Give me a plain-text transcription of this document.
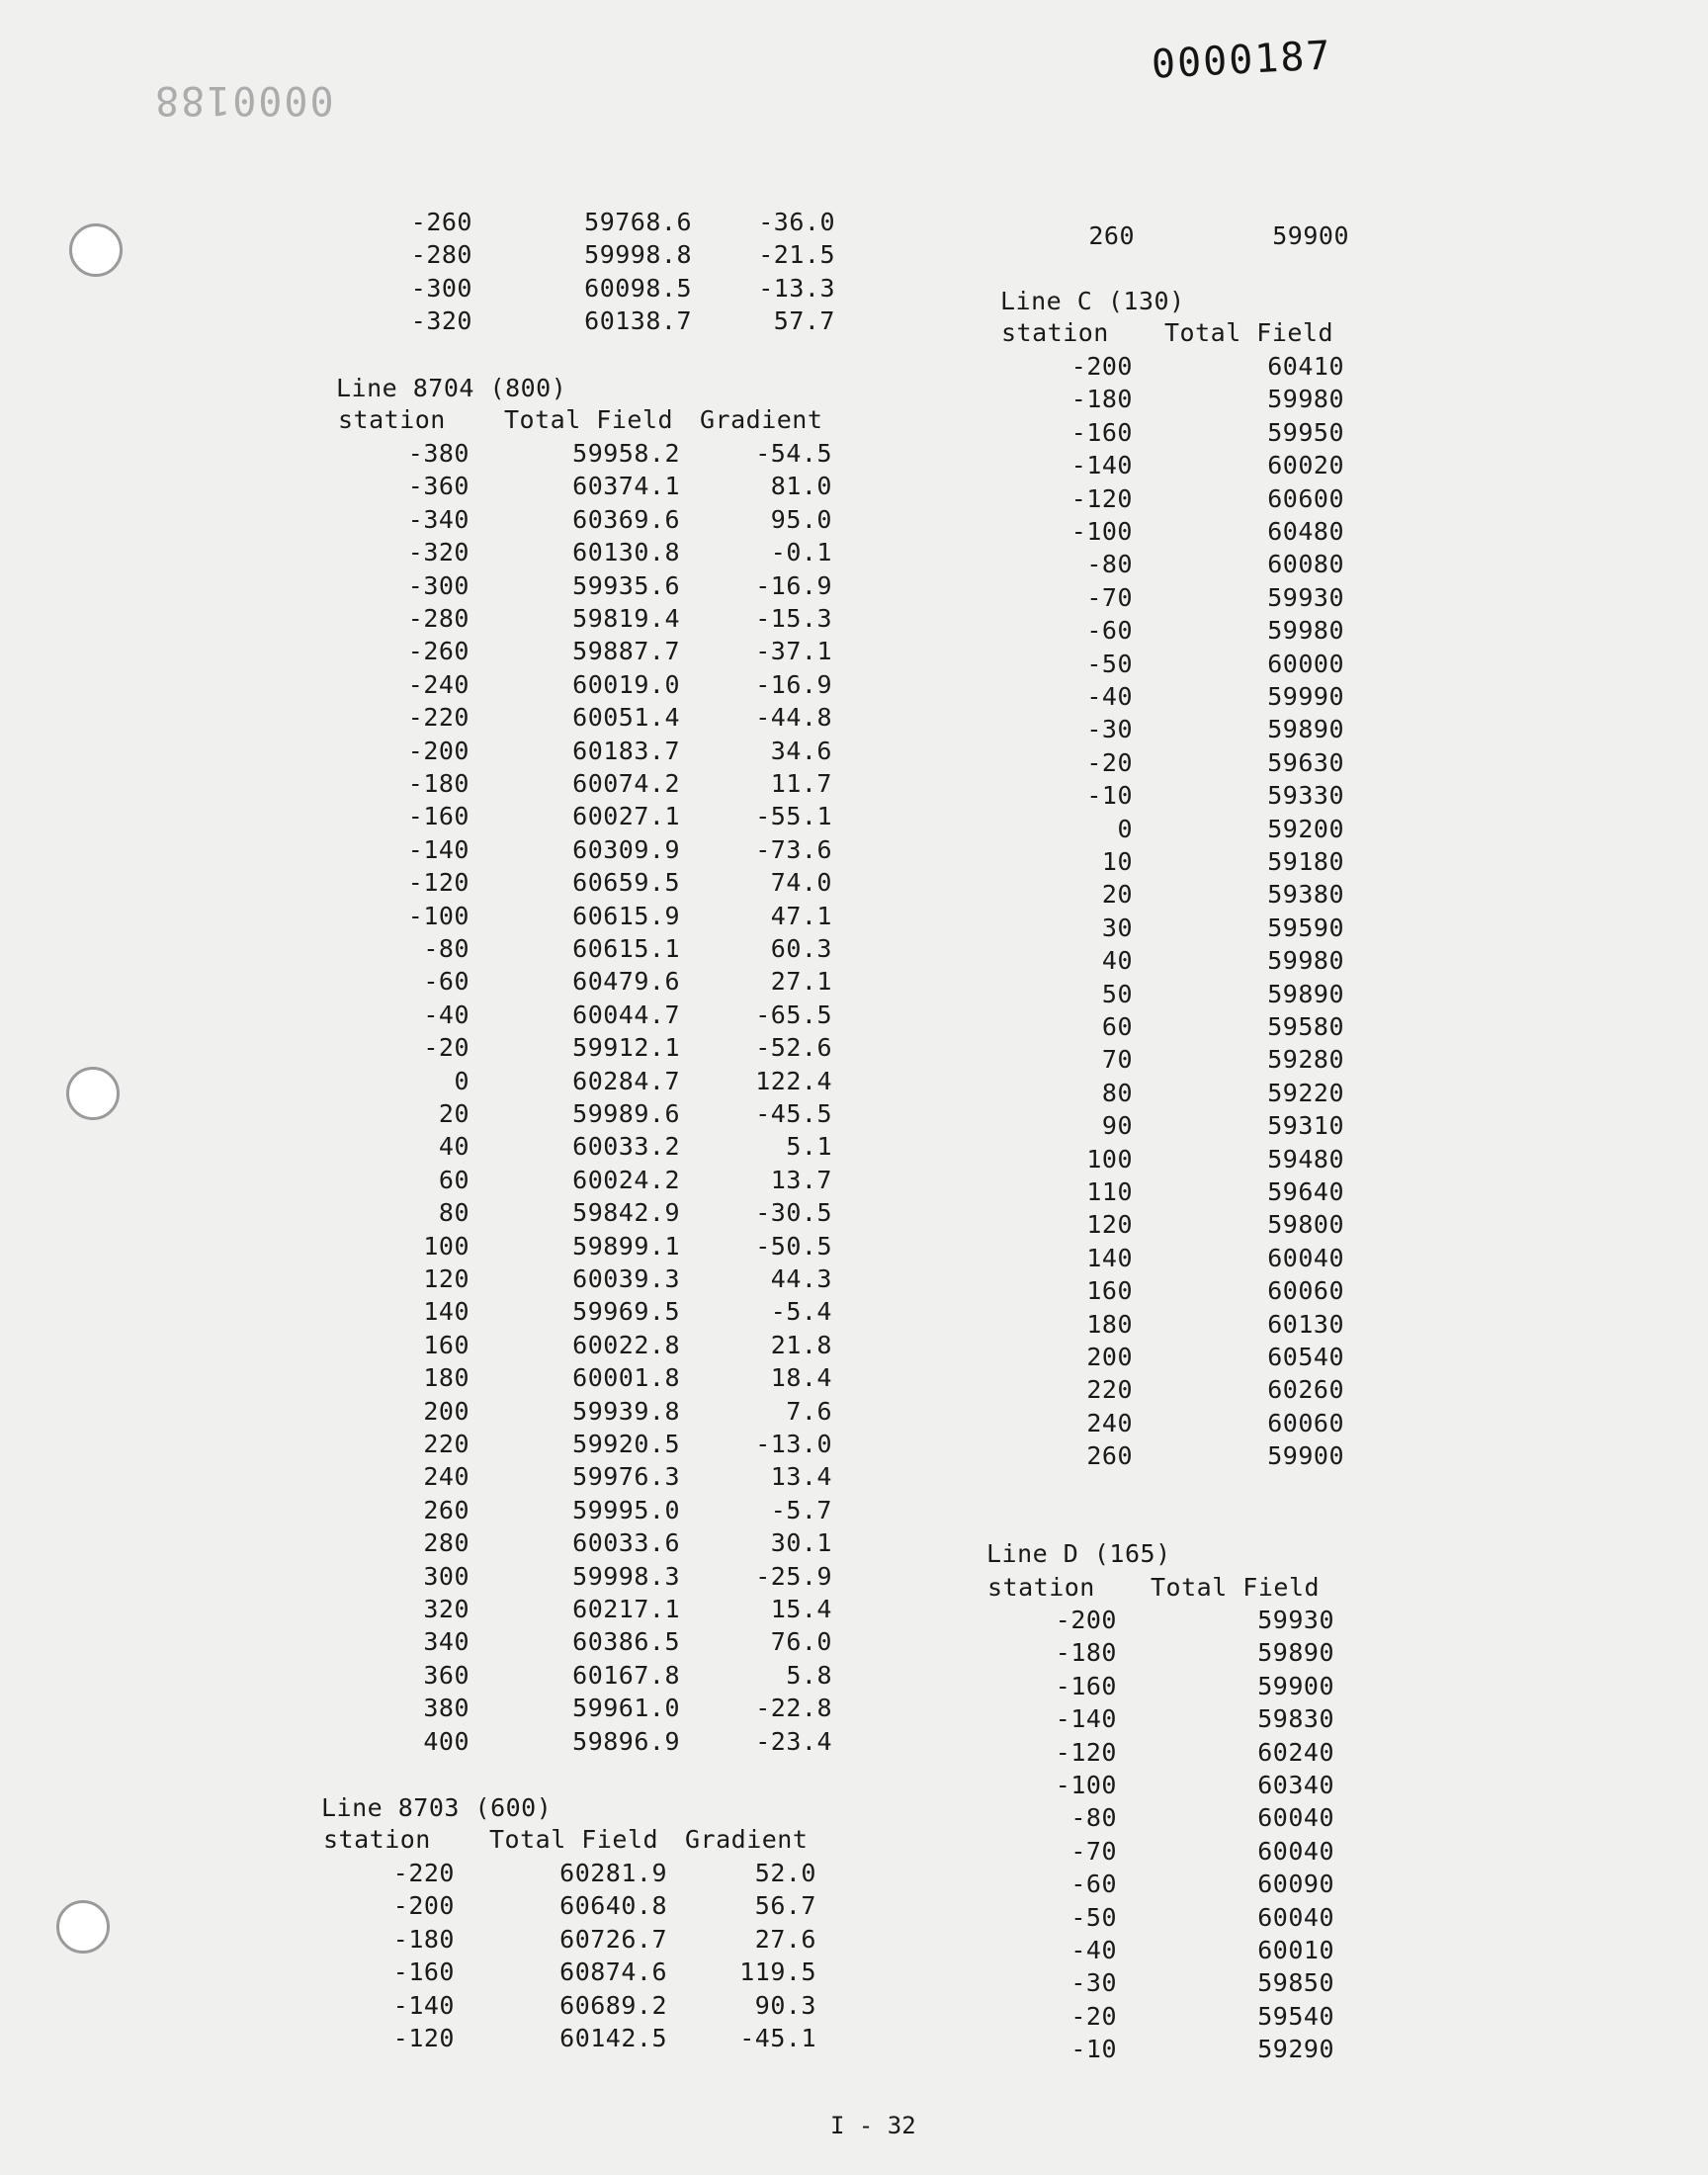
0000187
0000188
-260	59768.6	-36.0
-280	59998.8	-21.5
-300	60098.5	-13.3
-320	60138.7	57.7
Line 8704 (800)
station Total Field Gradient
-380	59958.2	-54.5
-360	60374.1	81.0
-340	60369.6	95.0
-320	60130.8	-0.1
-300	59935.6	-16.9
-280	59819.4	-15.3
-260	59887.7	-37.1
-240	60019.0	-16.9
-220	60051.4	-44.8
-200	60183.7	34.6
-180	60074.2	11.7
-160	60027.1	-55.1
-140	60309.9	-73.6
-120	60659.5	74.0
-100	60615.9	47.1
-80	60615.1	60.3
-60	60479.6	27.1
-40	60044.7	-65.5
-20	59912.1	-52.6
0	60284.7	122.4
20	59989.6	-45.5
40	60033.2	5.1
60	60024.2	13.7
80	59842.9	-30.5
100	59899.1	-50.5
120	60039.3	44.3
140	59969.5	-5.4
160	60022.8	21.8
180	60001.8	18.4
200	59939.8	7.6
220	59920.5	-13.0
240	59976.3	13.4
260	59995.0	-5.7
280	60033.6	30.1
300	59998.3	-25.9
320	60217.1	15.4
340	60386.5	76.0
360	60167.8	5.8
380	59961.0	-22.8
400	59896.9	-23.4
Line 8703 (600)
station Total Field Gradient
-220	60281.9	52.0
-200	60640.8	56.7
-180	60726.7	27.6
-160	60874.6	119.5
-140	60689.2	90.3
-120	60142.5	-45.1
260	59900
Line C (130)
station Total Field
-200	60410
-180	59980
-160	59950
-140	60020
-120	60600
-100	60480
-80	60080
-70	59930
-60	59980
-50	60000
-40	59990
-30	59890
-20	59630
-10	59330
0	59200
10	59180
20	59380
30	59590
40	59980
50	59890
60	59580
70	59280
80	59220
90	59310
100	59480
110	59640
120	59800
140	60040
160	60060
180	60130
200	60540
220	60260
240	60060
260	59900
Line D (165)
station Total Field
-200	59930
-180	59890
-160	59900
-140	59830
-120	60240
-100	60340
-80	60040
-70	60040
-60	60090
-50	60040
-40	60010
-30	59850
-20	59540
-10	59290
I - 32
